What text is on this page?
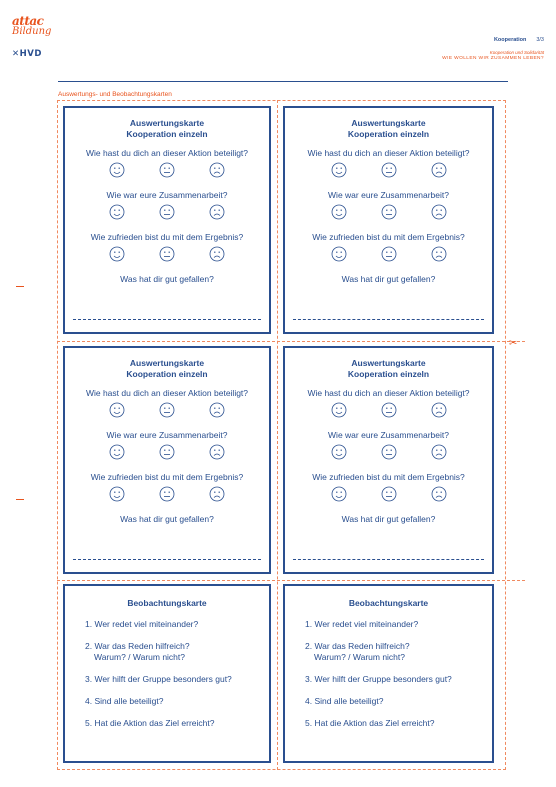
attac
Bildung
✕HVD
Kooperation 3/3
Kooperation und Solidarität
WIE WOLLEN WIR ZUSAMMEN LEBEN?
Auswertungs- und Beobachtungskarten
✂
Auswertungskarte
Kooperation einzeln
Wie hast du dich an dieser Aktion beteiligt?
Wie war eure Zusammenarbeit?
Wie zufrieden bist du mit dem Ergebnis?
Was hat dir gut gefallen?
Auswertungskarte
Kooperation einzeln
Wie hast du dich an dieser Aktion beteiligt?
Wie war eure Zusammenarbeit?
Wie zufrieden bist du mit dem Ergebnis?
Was hat dir gut gefallen?
Auswertungskarte
Kooperation einzeln
Wie hast du dich an dieser Aktion beteiligt?
Wie war eure Zusammenarbeit?
Wie zufrieden bist du mit dem Ergebnis?
Was hat dir gut gefallen?
Auswertungskarte
Kooperation einzeln
Wie hast du dich an dieser Aktion beteiligt?
Wie war eure Zusammenarbeit?
Wie zufrieden bist du mit dem Ergebnis?
Was hat dir gut gefallen?
Beobachtungskarte
1. Wer redet viel miteinander?
2. War das Reden hilfreich?
Warum? / Warum nicht?
3. Wer hilft der Gruppe besonders gut?
4. Sind alle beteiligt?
5. Hat die Aktion das Ziel erreicht?
Beobachtungskarte
1. Wer redet viel miteinander?
2. War das Reden hilfreich?
Warum? / Warum nicht?
3. Wer hilft der Gruppe besonders gut?
4. Sind alle beteiligt?
5. Hat die Aktion das Ziel erreicht?
